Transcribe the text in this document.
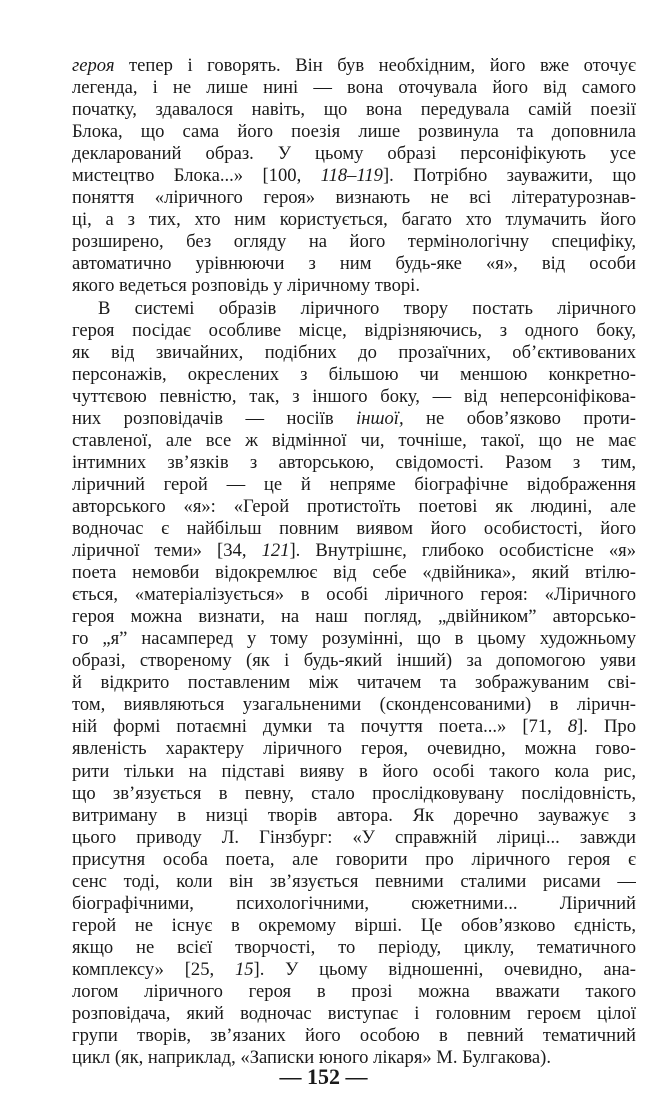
героя тепер і говорять. Він був необхідним, його вже оточує
легенда, і не лише нині — вона оточувала його від самого
початку, здавалося навіть, що вона передувала самій поезії
Блока, що сама його поезія лише розвинула та доповнила
декларований образ. У цьому образі персоніфікують усе
мистецтво Блока...» [100, 118–119]. Потрібно зауважити, що
поняття «ліричного героя» визнають не всі літературознав-
ці, а з тих, хто ним користується, багато хто тлумачить його
розширено, без огляду на його термінологічну специфіку,
автоматично урівнюючи з ним будь-яке «я», від особи
якого ведеться розповідь у ліричному творі.
В системі образів ліричного твору постать ліричного
героя посідає особливе місце, відрізняючись, з одного боку,
як від звичайних, подібних до прозаїчних, об’єктивованих
персонажів, окреслених з більшою чи меншою конкретно-
чуттєвою певністю, так, з іншого боку, — від неперсоніфікова-
них розповідачів — носіїв іншої, не обов’язково проти-
ставленої, але все ж відмінної чи, точніше, такої, що не має
інтимних зв’язків з авторською, свідомості. Разом з тим,
ліричний герой — це й непряме біографічне відображення
авторського «я»: «Герой протистоїть поетові як людині, але
водночас є найбільш повним виявом його особистості, його
ліричної теми» [34, 121]. Внутрішнє, глибоко особистісне «я»
поета немовби відокремлює від себе «двійника», який втілю-
ється, «матеріалізується» в особі ліричного героя: «Ліричного
героя можна визнати, на наш погляд, „двійником” авторсько-
го „я” насамперед у тому розумінні, що в цьому художньому
образі, створеному (як і будь-який інший) за допомогою уяви
й відкрито поставленим між читачем та зображуваним сві-
том, виявляються узагальненими (сконденсованими) в ліричн-
ній формі потаємні думки та почуття поета...» [71, 8]. Про
явленість характеру ліричного героя, очевидно, можна гово-
рити тільки на підставі вияву в його особі такого кола рис,
що зв’язується в певну, стало прослідковувану послідовність,
витриману в низці творів автора. Як доречно зауважує з
цього приводу Л. Гінзбург: «У справжній ліриці... завжди
присутня особа поета, але говорити про ліричного героя є
сенс тоді, коли він зв’язується певними сталими рисами —
біографічними, психологічними, сюжетними... Ліричний
герой не існує в окремому вірші. Це обов’язково єдність,
якщо не всієї творчості, то періоду, циклу, тематичного
комплексу» [25, 15]. У цьому відношенні, очевидно, ана-
логом ліричного героя в прозі можна вважати такого
розповідача, який водночас виступає і головним героєм цілої
групи творів, зв’язаних його особою в певний тематичний
цикл (як, наприклад, «Записки юного лікаря» М. Булгакова).
— 152 —
